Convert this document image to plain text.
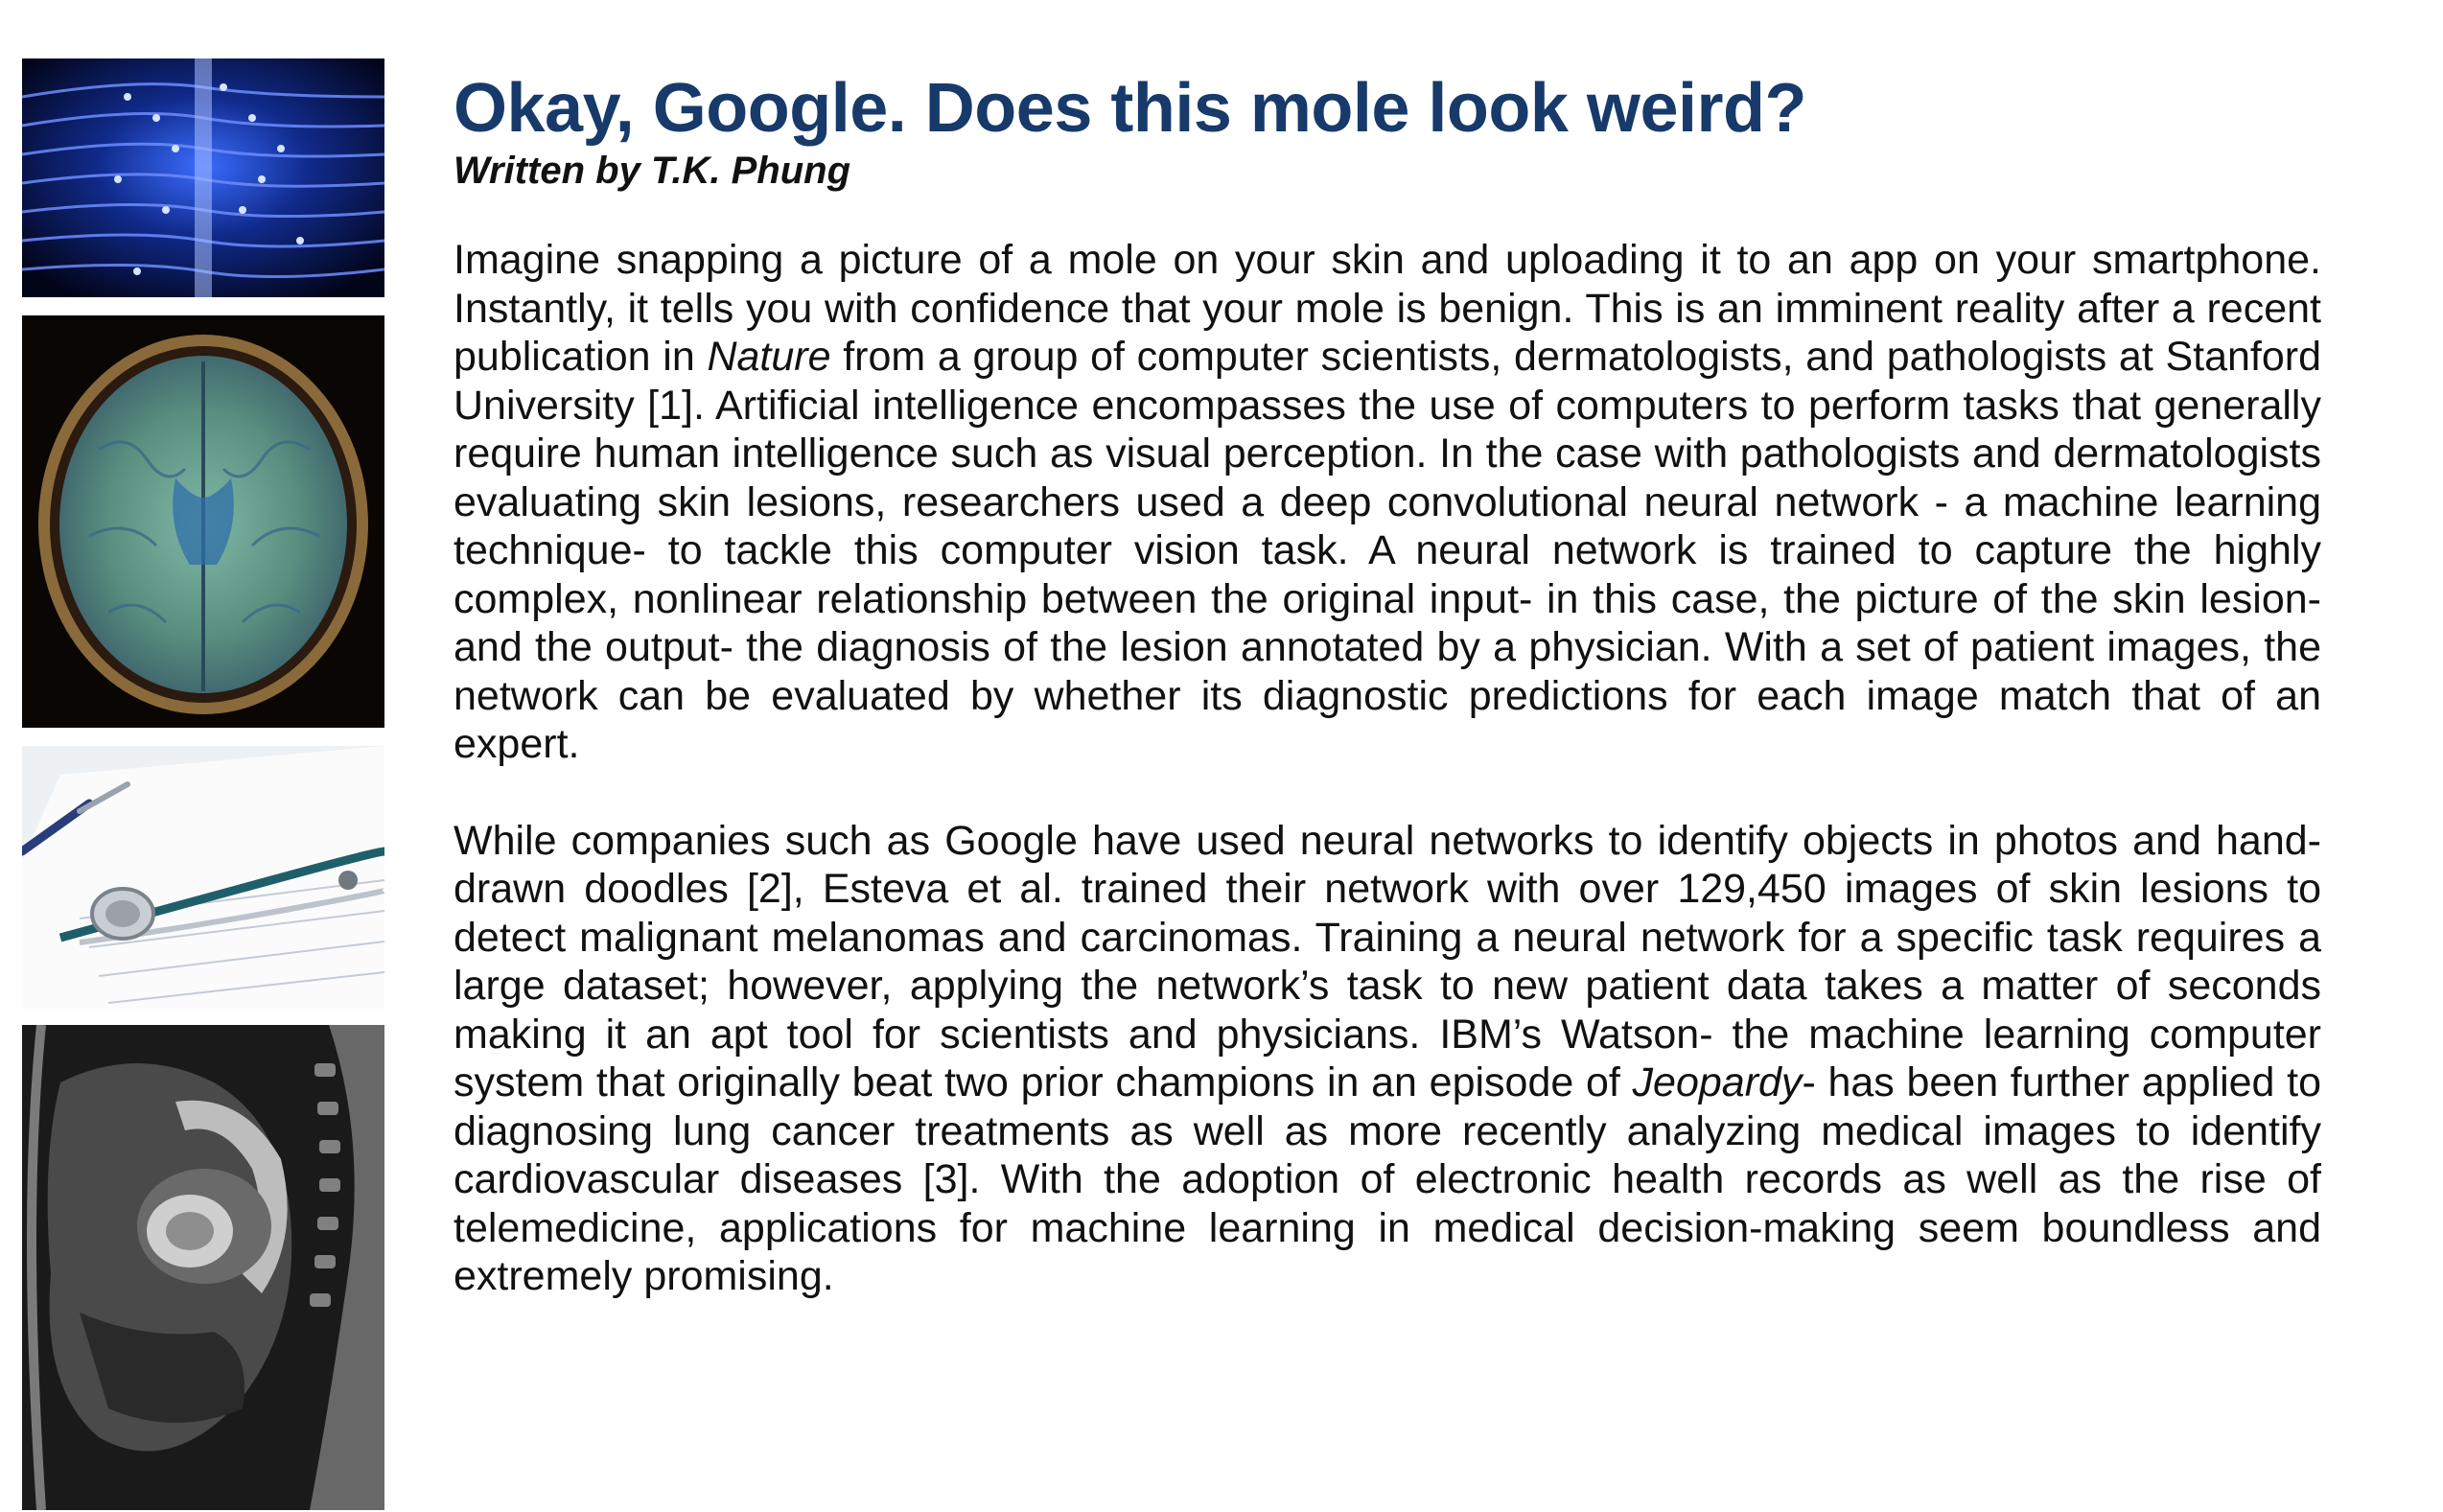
Okay, Google. Does this mole look weird?

Written by T.K. Phung

Imagine snapping a picture of a mole on your skin and uploading it to an app on your smartphone. Instantly, it tells you with confidence that your mole is benign. This is an imminent reality after a recent publication in Nature from a group of computer scientists, dermatologists, and pathologists at Stanford University [1]. Artificial intelligence encompasses the use of computers to perform tasks that generally require human intelligence such as visual perception. In the case with pathologists and dermatologists evaluating skin lesions, researchers used a deep convolutional neural network - a machine learning technique- to tackle this computer vision task. A neural network is trained to capture the highly complex, nonlinear relationship between the original input- in this case, the picture of the skin lesion- and the output- the diagnosis of the lesion annotated by a physician. With a set of patient images, the network can be evaluated by whether its diagnostic predictions for each image match that of an expert.

While companies such as Google have used neural networks to identify objects in photos and hand-drawn doodles [2], Esteva et al. trained their network with over 129,450 images of skin lesions to detect malignant melanomas and carcinomas. Training a neural network for a specific task requires a large dataset; however, applying the network’s task to new patient data takes a matter of seconds making it an apt tool for scientists and physicians. IBM’s Watson- the machine learning computer system that originally beat two prior champions in an episode of Jeopardy- has been further applied to diagnosing lung cancer treatments as well as more recently analyzing medical images to identify cardiovascular diseases [3]. With the adoption of electronic health records as well as the rise of telemedicine, applications for machine learning in medical decision-making seem boundless and extremely promising.
